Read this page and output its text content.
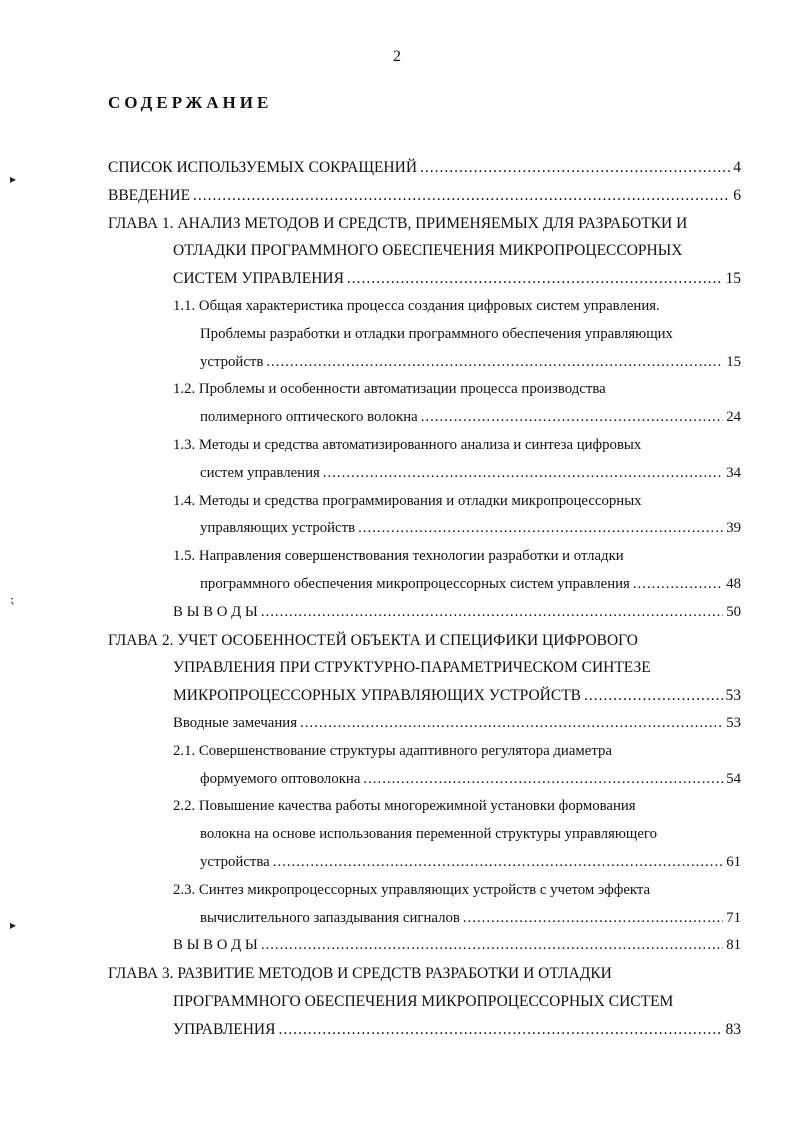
2
СОДЕРЖАНИЕ
СПИСОК ИСПОЛЬЗУЕМЫХ СОКРАЩЕНИЙ .....	4
ВВЕДЕНИЕ .....	6
ГЛАВА 1. АНАЛИЗ МЕТОДОВ И СРЕДСТВ, ПРИМЕНЯЕМЫХ ДЛЯ РАЗРАБОТКИ И
ОТЛАДКИ ПРОГРАММНОГО ОБЕСПЕЧЕНИЯ МИКРОПРОЦЕССОРНЫХ
СИСТЕМ УПРАВЛЕНИЯ .....	15
1.1. Общая характеристика процесса создания цифровых систем управления.
Проблемы разработки и отладки программного обеспечения управляющих
устройств .....	15
1.2. Проблемы и особенности автоматизации процесса производства
полимерного оптического волокна .....	24
1.3. Методы и средства автоматизированного анализа и синтеза цифровых
систем управления .....	34
1.4. Методы и средства программирования и отладки микропроцессорных
управляющих устройств .....	39
1.5. Направления совершенствования технологии разработки и отладки
программного обеспечения микропроцессорных систем управления .....	48
В Ы В О Д Ы .....	50
ГЛАВА 2. УЧЕТ ОСОБЕННОСТЕЙ ОБЪЕКТА И СПЕЦИФИКИ ЦИФРОВОГО
УПРАВЛЕНИЯ ПРИ СТРУКТУРНО-ПАРАМЕТРИЧЕСКОМ СИНТЕЗЕ
МИКРОПРОЦЕССОРНЫХ УПРАВЛЯЮЩИХ УСТРОЙСТВ .....	53
Вводные замечания .....	53
2.1. Совершенствование структуры адаптивного регулятора диаметра
формуемого оптоволокна .....	54
2.2. Повышение качества работы многорежимной установки формования
волокна на основе использования переменной структуры управляющего
устройства .....	61
2.3. Синтез микропроцессорных управляющих устройств с учетом эффекта
вычислительного запаздывания сигналов .....	71
В Ы В О Д Ы .....	81
ГЛАВА 3. РАЗВИТИЕ МЕТОДОВ И СРЕДСТВ РАЗРАБОТКИ И ОТЛАДКИ
ПРОГРАММНОГО ОБЕСПЕЧЕНИЯ МИКРОПРОЦЕССОРНЫХ СИСТЕМ
УПРАВЛЕНИЯ .....	83
▸
⁏
▸
